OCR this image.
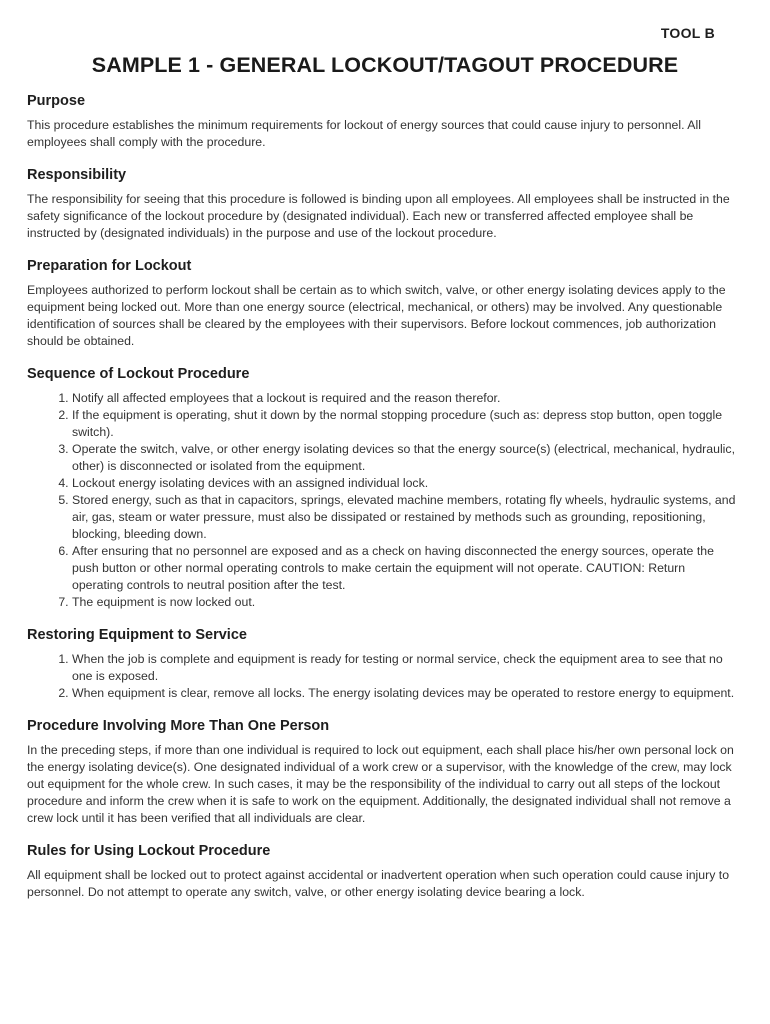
TOOL B
SAMPLE 1 - GENERAL LOCKOUT/TAGOUT PROCEDURE
Purpose

This procedure establishes the minimum requirements for lockout of energy sources that could cause injury to personnel. All employees shall comply with the procedure.

Responsibility

The responsibility for seeing that this procedure is followed is binding upon all employees. All employees shall be instructed in the safety significance of the lockout procedure by (designated individual). Each new or transferred affected employee shall be instructed by (designated individuals) in the purpose and use of the lockout procedure.

Preparation for Lockout

Employees authorized to perform lockout shall be certain as to which switch, valve, or other energy isolating devices apply to the equipment being locked out. More than one energy source (electrical, mechanical, or others) may be involved. Any questionable identification of sources shall be cleared by the employees with their supervisors. Before lockout commences, job authorization should be obtained.

Sequence of Lockout Procedure
1. Notify all affected employees that a lockout is required and the reason therefor.
2. If the equipment is operating, shut it down by the normal stopping procedure (such as: depress stop button, open toggle switch).
3. Operate the switch, valve, or other energy isolating devices so that the energy source(s) (electrical, mechanical, hydraulic, other) is disconnected or isolated from the equipment.
4. Lockout energy isolating devices with an assigned individual lock.
5. Stored energy, such as that in capacitors, springs, elevated machine members, rotating fly wheels, hydraulic systems, and air, gas, steam or water pressure, must also be dissipated or restained by methods such as grounding, repositioning, blocking, bleeding down.
6. After ensuring that no personnel are exposed and as a check on having disconnected the energy sources, operate the push button or other normal operating controls to make certain the equipment will not operate. CAUTION: Return operating controls to neutral position after the test.
7. The equipment is now locked out.
Restoring Equipment to Service
1. When the job is complete and equipment is ready for testing or normal service, check the equipment area to see that no one is exposed.
2. When equipment is clear, remove all locks. The energy isolating devices may be operated to restore energy to equipment.
Procedure Involving More Than One Person

In the preceding steps, if more than one individual is required to lock out equipment, each shall place his/her own personal lock on the energy isolating device(s). One designated individual of a work crew or a supervisor, with the knowledge of the crew, may lock out equipment for the whole crew. In such cases, it may be the responsibility of the individual to carry out all steps of the lockout procedure and inform the crew when it is safe to work on the equipment. Additionally, the designated individual shall not remove a crew lock until it has been verified that all individuals are clear.

Rules for Using Lockout Procedure

All equipment shall be locked out to protect against accidental or inadvertent operation when such operation could cause injury to personnel. Do not attempt to operate any switch, valve, or other energy isolating device bearing a lock.
